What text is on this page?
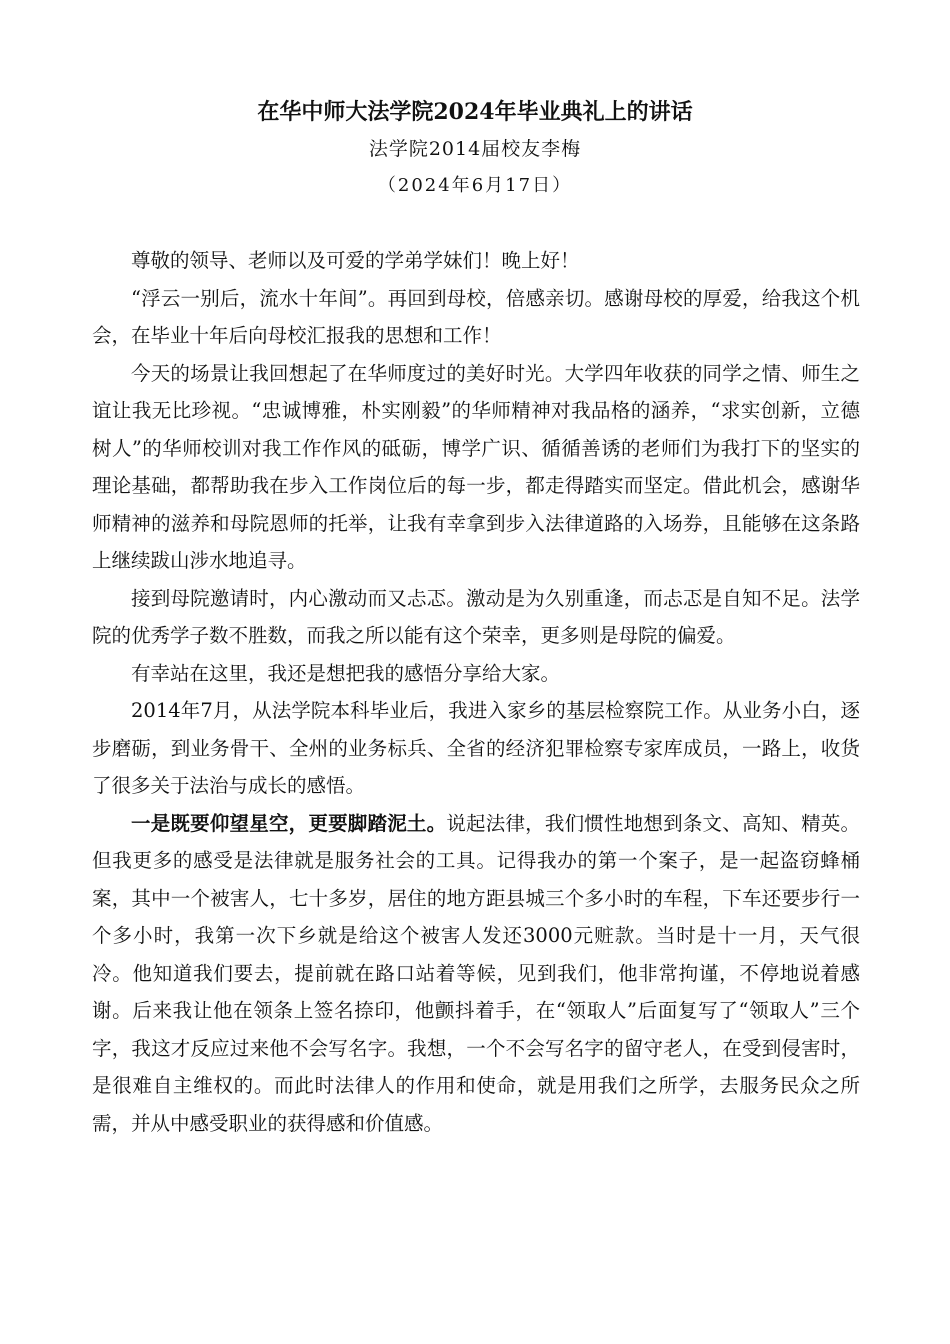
在华中师大法学院2024年毕业典礼上的讲话
法学院2014届校友李梅
（2024年6月17日）

尊敬的领导、老师以及可爱的学弟学妹们！晚上好！

“浮云一别后，流水十年间”。再回到母校，倍感亲切。感谢母校的厚爱，给我这个机会，在毕业十年后向母校汇报我的思想和工作！

今天的场景让我回想起了在华师度过的美好时光。大学四年收获的同学之情、师生之谊让我无比珍视。“忠诚博雅，朴实刚毅”的华师精神对我品格的涵养，“求实创新，立德树人”的华师校训对我工作作风的砥砺，博学广识、循循善诱的老师们为我打下的坚实的理论基础，都帮助我在步入工作岗位后的每一步，都走得踏实而坚定。借此机会，感谢华师精神的滋养和母院恩师的托举，让我有幸拿到步入法律道路的入场券，且能够在这条路上继续跋山涉水地追寻。

接到母院邀请时，内心激动而又忐忑。激动是为久别重逢，而忐忑是自知不足。法学院的优秀学子数不胜数，而我之所以能有这个荣幸，更多则是母院的偏爱。

有幸站在这里，我还是想把我的感悟分享给大家。

2014年7月，从法学院本科毕业后，我进入家乡的基层检察院工作。从业务小白，逐步磨砺，到业务骨干、全州的业务标兵、全省的经济犯罪检察专家库成员，一路上，收货了很多关于法治与成长的感悟。

一是既要仰望星空，更要脚踏泥土。说起法律，我们惯性地想到条文、高知、精英。但我更多的感受是法律就是服务社会的工具。记得我办的第一个案子，是一起盗窃蜂桶案，其中一个被害人，七十多岁，居住的地方距县城三个多小时的车程，下车还要步行一个多小时，我第一次下乡就是给这个被害人发还3000元赃款。当时是十一月，天气很冷。他知道我们要去，提前就在路口站着等候，见到我们，他非常拘谨，不停地说着感谢。后来我让他在领条上签名捺印，他颤抖着手，在“领取人”后面复写了“领取人”三个字，我这才反应过来他不会写名字。我想，一个不会写名字的留守老人，在受到侵害时，是很难自主维权的。而此时法律人的作用和使命，就是用我们之所学，去服务民众之所需，并从中感受职业的获得感和价值感。
